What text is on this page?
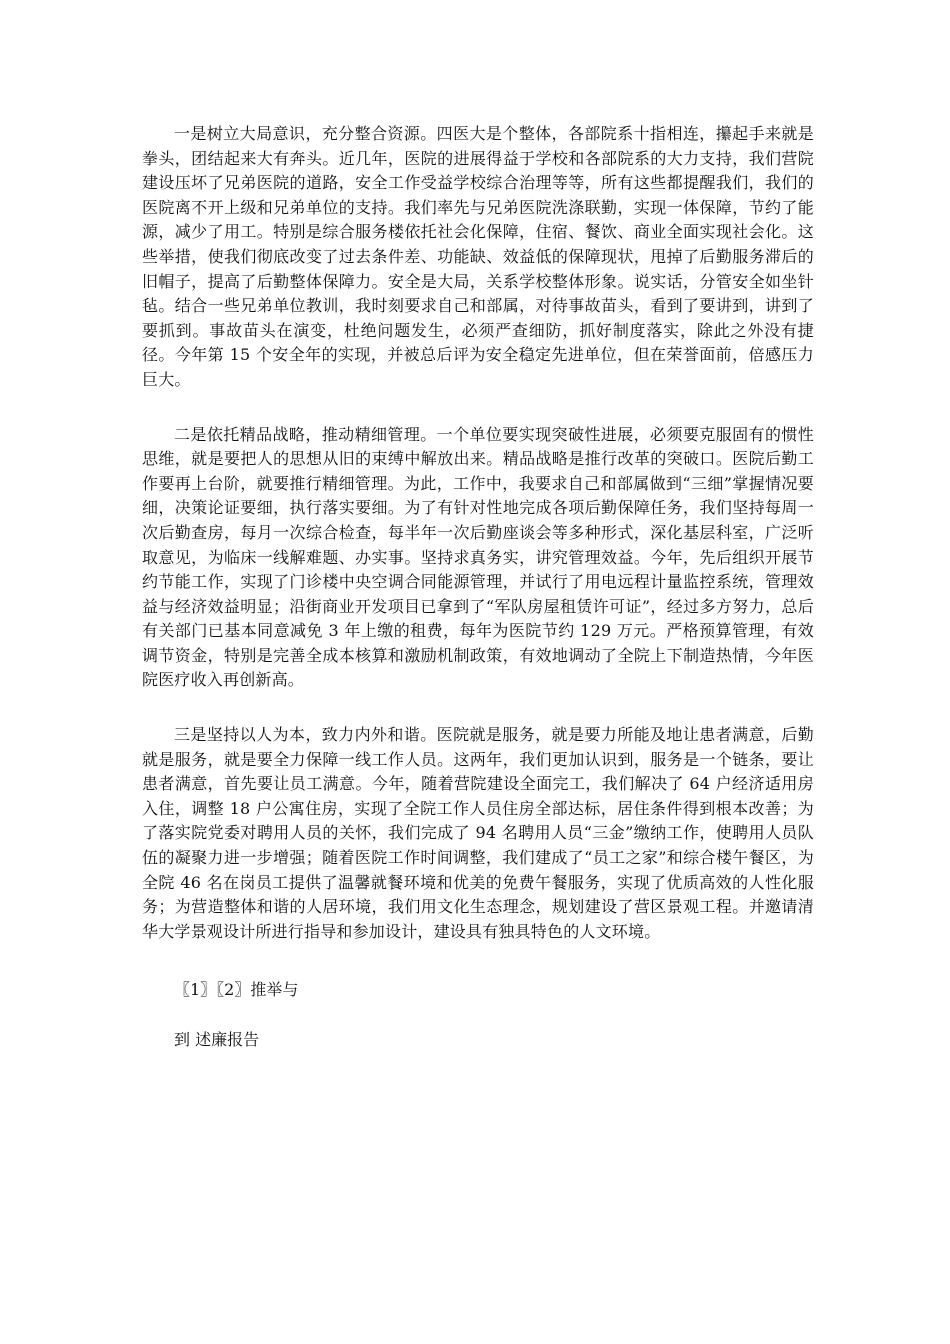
一是树立大局意识，充分整合资源。四医大是个整体，各部院系十指相连，攥起手来就是拳头，团结起来大有奔头。近几年，医院的进展得益于学校和各部院系的大力支持，我们营院建设压坏了兄弟医院的道路，安全工作受益学校综合治理等等，所有这些都提醒我们，我们的医院离不开上级和兄弟单位的支持。我们率先与兄弟医院洗涤联勤，实现一体保障，节约了能源，减少了用工。特别是综合服务楼依托社会化保障，住宿、餐饮、商业全面实现社会化。这些举措，使我们彻底改变了过去条件差、功能缺、效益低的保障现状，甩掉了后勤服务滞后的旧帽子，提高了后勤整体保障力。安全是大局，关系学校整体形象。说实话，分管安全如坐针毡。结合一些兄弟单位教训，我时刻要求自己和部属，对待事故苗头，看到了要讲到，讲到了要抓到。事故苗头在演变，杜绝问题发生，必须严查细防，抓好制度落实，除此之外没有捷径。今年第 15 个安全年的实现，并被总后评为安全稳定先进单位，但在荣誉面前，倍感压力巨大。

二是依托精品战略，推动精细管理。一个单位要实现突破性进展，必须要克服固有的惯性思维，就是要把人的思想从旧的束缚中解放出来。精品战略是推行改革的突破口。医院后勤工作要再上台阶，就要推行精细管理。为此，工作中，我要求自己和部属做到“三细”掌握情况要细，决策论证要细，执行落实要细。为了有针对性地完成各项后勤保障任务，我们坚持每周一次后勤查房，每月一次综合检查，每半年一次后勤座谈会等多种形式，深化基层科室，广泛听取意见，为临床一线解难题、办实事。坚持求真务实，讲究管理效益。今年，先后组织开展节约节能工作，实现了门诊楼中央空调合同能源管理，并试行了用电远程计量监控系统，管理效益与经济效益明显；沿街商业开发项目已拿到了“军队房屋租赁许可证”，经过多方努力，总后有关部门已基本同意减免 3 年上缴的租费，每年为医院节约 129 万元。严格预算管理，有效调节资金，特别是完善全成本核算和激励机制政策，有效地调动了全院上下制造热情，今年医院医疗收入再创新高。

三是坚持以人为本，致力内外和谐。医院就是服务，就是要力所能及地让患者满意，后勤就是服务，就是要全力保障一线工作人员。这两年，我们更加认识到，服务是一个链条，要让患者满意，首先要让员工满意。今年，随着营院建设全面完工，我们解决了 64 户经济适用房入住，调整 18 户公寓住房，实现了全院工作人员住房全部达标，居住条件得到根本改善；为了落实院党委对聘用人员的关怀，我们完成了 94 名聘用人员“三金”缴纳工作，使聘用人员队伍的凝聚力进一步增强；随着医院工作时间调整，我们建成了“员工之家”和综合楼午餐区，为全院 46 名在岗员工提供了温馨就餐环境和优美的免费午餐服务，实现了优质高效的人性化服务；为营造整体和谐的人居环境，我们用文化生态理念，规划建设了营区景观工程。并邀请清华大学景观设计所进行指导和参加设计，建设具有独具特色的人文环境。

〖1〗〖2〗推举与

到 述廉报告
